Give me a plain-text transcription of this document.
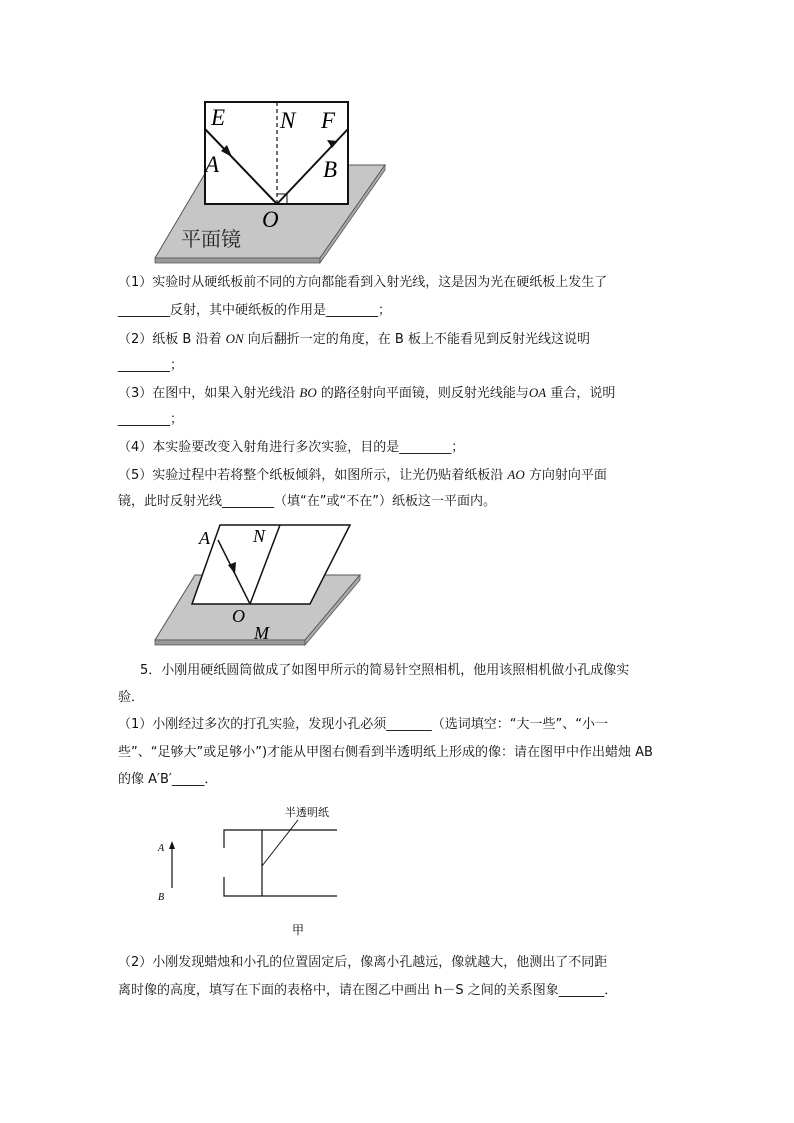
E N F
A	B
O
平面镜
（1）实验时从硬纸板前不同的方向都能看到入射光线，这是因为光在硬纸板上发生了
________反射，其中硬纸板的作用是________；
（2）纸板 B 沿着 ON 向后翻折一定的角度，在 B 板上不能看见到反射光线这说明
________；
（3）在图中，如果入射光线沿 BO 的路径射向平面镜，则反射光线能与OA 重合，说明
________；
（4）本实验要改变入射角进行多次实验，目的是________；
（5）实验过程中若将整个纸板倾斜，如图所示，让光仍贴着纸板沿 AO 方向射向平面
镜，此时反射光线________（填“在”或“不在”）纸板这一平面内。
A N
O
M
5．小刚用硬纸圆筒做成了如图甲所示的简易针空照相机，他用该照相机做小孔成像实
验．
（1）小刚经过多次的打孔实验，发现小孔必须_______（选词填空：“大一些”、“小一
些”、“足够大”或足够小”)才能从甲图右侧看到半透明纸上形成的像：请在图甲中作出蜡烛 AB
的像 A′B′_____．
A
B
半透明纸
甲
（2）小刚发现蜡烛和小孔的位置固定后，像离小孔越远，像就越大，他测出了不同距
离时像的高度，填写在下面的表格中，请在图乙中画出 h－S 之间的关系图象_______．
